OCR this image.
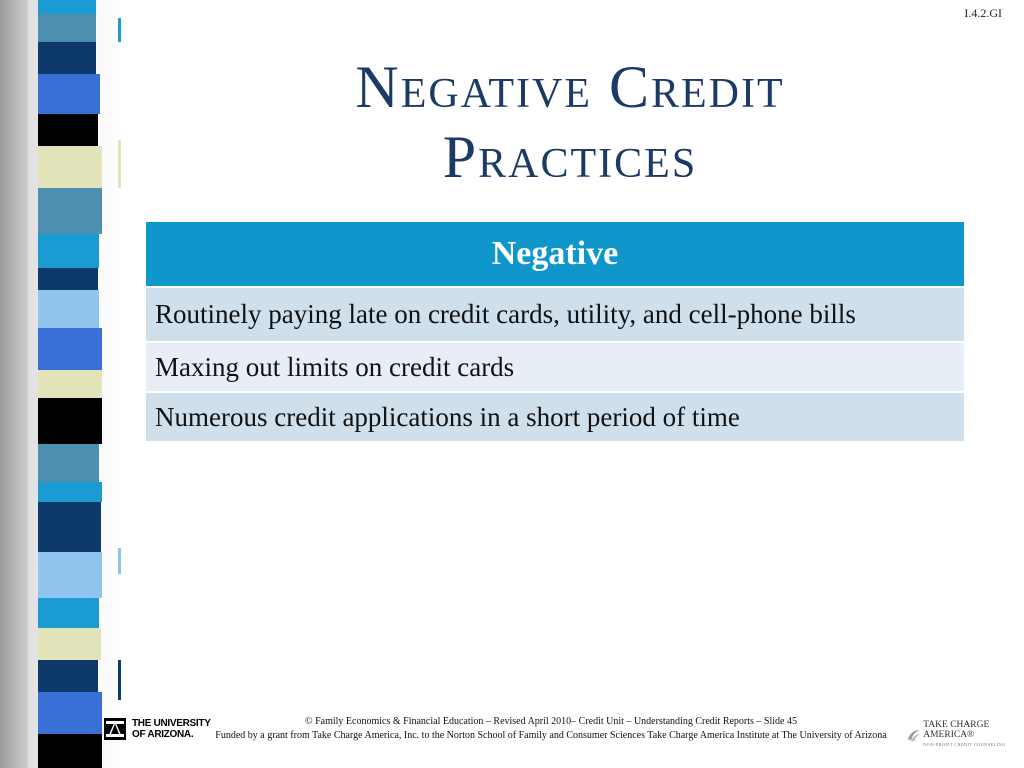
I.4.2.GI
Negative Credit
Practices
Negative
Routinely paying late on credit cards, utility, and cell-phone bills
Maxing out limits on credit cards
Numerous credit applications in a short period of time
THE UNIVERSITY
OF ARIZONA.
© Family Economics & Financial Education – Revised April 2010– Credit Unit – Understanding Credit Reports – Slide 45
Funded by a grant from Take Charge America, Inc. to the Norton School of Family and Consumer Sciences Take Charge America Institute at The University of Arizona
TAKE CHARGE AMERICA®
NON-PROFIT CREDIT COUNSELING
